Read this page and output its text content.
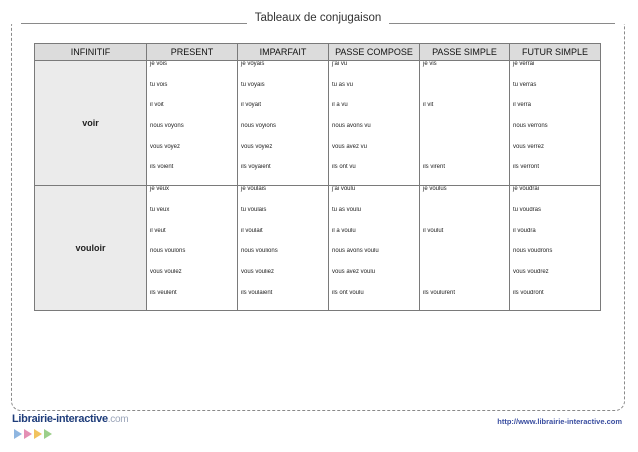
Tableaux de conjugaison
INFINITIF	PRESENT	IMPARFAIT	PASSE COMPOSE	PASSE SIMPLE	FUTUR SIMPLE
voir	je vois	je voyais	j'ai vu	je vis	je verrai
	tu vois	tu voyais	tu as vu		tu verras
	il voit	il voyait	il a vu	il vit	il verra
	nous voyons	nous voyions	nous avons vu		nous verrons
	vous voyez	vous voyiez	vous avez vu		vous verrez
	ils voient	ils voyaient	ils ont vu	ils virent	ils verront
vouloir	je veux	je voulais	j'ai voulu	je voulus	je voudrai
	tu veux	tu voulais	tu as voulu		tu voudras
	il veut	il voulait	il a voulu	il voulut	il voudra
	nous voulons	nous voulions	nous avons voulu		nous voudrons
	vous voulez	vous vouliez	vous avez voulu		vous voudrez
	ils veulent	ils voulaient	ils ont voulu	ils voulurent	ils voudront
Librairie-interactive.com	http://www.librairie-interactive.com
